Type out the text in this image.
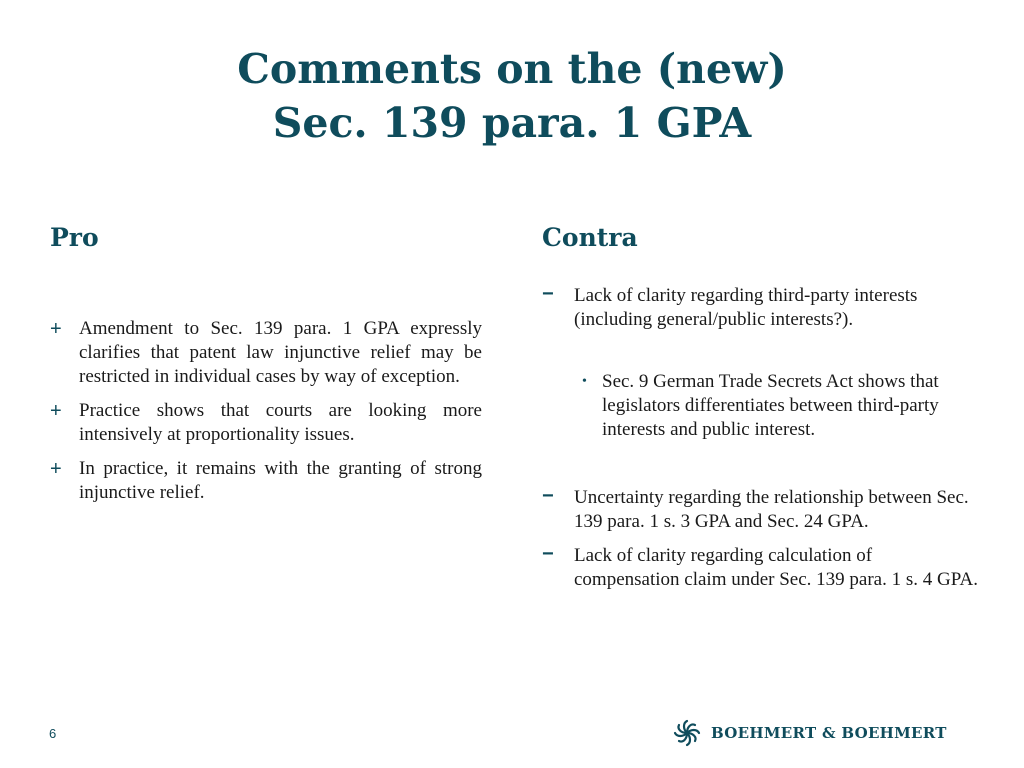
Comments on the (new)
Sec. 139 para. 1 GPA
Pro	Contra
+ Amendment to Sec. 139 para. 1 GPA expressly clarifies that patent law injunctive relief may be restricted in individual cases by way of exception.
+ Practice shows that courts are looking more intensively at proportionality issues.
+ In practice, it remains with the granting of strong injunctive relief.
− Lack of clarity regarding third-party interests (including general/public interests?).
• Sec. 9 German Trade Secrets Act shows that legislators differentiates between third-party interests and public interest.
− Uncertainty regarding the relationship between Sec. 139 para. 1 s. 3 GPA and Sec. 24 GPA.
− Lack of clarity regarding calculation of compensation claim under Sec. 139 para. 1 s. 4 GPA.
6	BOEHMERT & BOEHMERT
